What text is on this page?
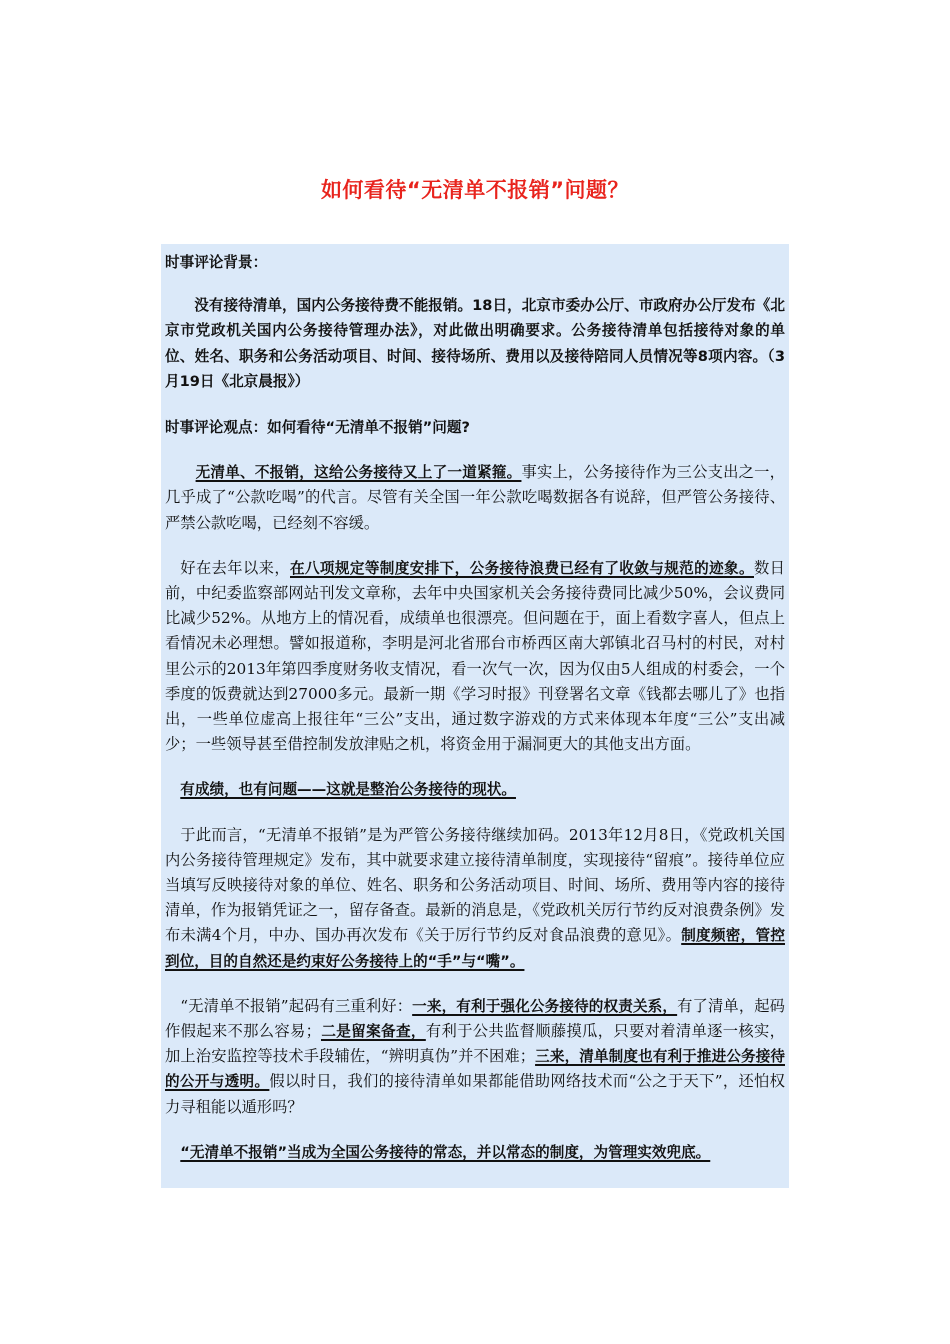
如何看待“无清单不报销”问题？

时事评论背景：

没有接待清单，国内公务接待费不能报销。18日，北京市委办公厅、市政府办公厅发布《北京市党政机关国内公务接待管理办法》，对此做出明确要求。公务接待清单包括接待对象的单位、姓名、职务和公务活动项目、时间、接待场所、费用以及接待陪同人员情况等8项内容。（3月19日《北京晨报》）

时事评论观点：如何看待“无清单不报销”问题?

无清单、不报销，这给公务接待又上了一道紧箍。事实上，公务接待作为三公支出之一，几乎成了“公款吃喝”的代言。尽管有关全国一年公款吃喝数据各有说辞，但严管公务接待、严禁公款吃喝，已经刻不容缓。

好在去年以来，在八项规定等制度安排下，公务接待浪费已经有了收敛与规范的迹象。数日前，中纪委监察部网站刊发文章称，去年中央国家机关会务接待费同比减少50%，会议费同比减少52%。从地方上的情况看，成绩单也很漂亮。但问题在于，面上看数字喜人，但点上看情况未必理想。譬如报道称，李明是河北省邢台市桥西区南大郭镇北召马村的村民，对村里公示的2013年第四季度财务收支情况，看一次气一次，因为仅由5人组成的村委会，一个季度的饭费就达到27000多元。最新一期《学习时报》刊登署名文章《钱都去哪儿了》也指出，一些单位虚高上报往年“三公”支出，通过数字游戏的方式来体现本年度“三公”支出减少；一些领导甚至借控制发放津贴之机，将资金用于漏洞更大的其他支出方面。

有成绩，也有问题——这就是整治公务接待的现状。

于此而言，“无清单不报销”是为严管公务接待继续加码。2013年12月8日，《党政机关国内公务接待管理规定》发布，其中就要求建立接待清单制度，实现接待“留痕”。接待单位应当填写反映接待对象的单位、姓名、职务和公务活动项目、时间、场所、费用等内容的接待清单，作为报销凭证之一，留存备查。最新的消息是，《党政机关厉行节约反对浪费条例》发布未满4个月，中办、国办再次发布《关于厉行节约反对食品浪费的意见》。制度频密，管控到位，目的自然还是约束好公务接待上的“手”与“嘴”。

“无清单不报销”起码有三重利好：一来，有利于强化公务接待的权责关系，有了清单，起码作假起来不那么容易；二是留案备查，有利于公共监督顺藤摸瓜，只要对着清单逐一核实，加上治安监控等技术手段辅佐，“辨明真伪”并不困难；三来，清单制度也有利于推进公务接待的公开与透明。假以时日，我们的接待清单如果都能借助网络技术而“公之于天下”，还怕权力寻租能以遁形吗？

“无清单不报销”当成为全国公务接待的常态，并以常态的制度，为管理实效兜底。
